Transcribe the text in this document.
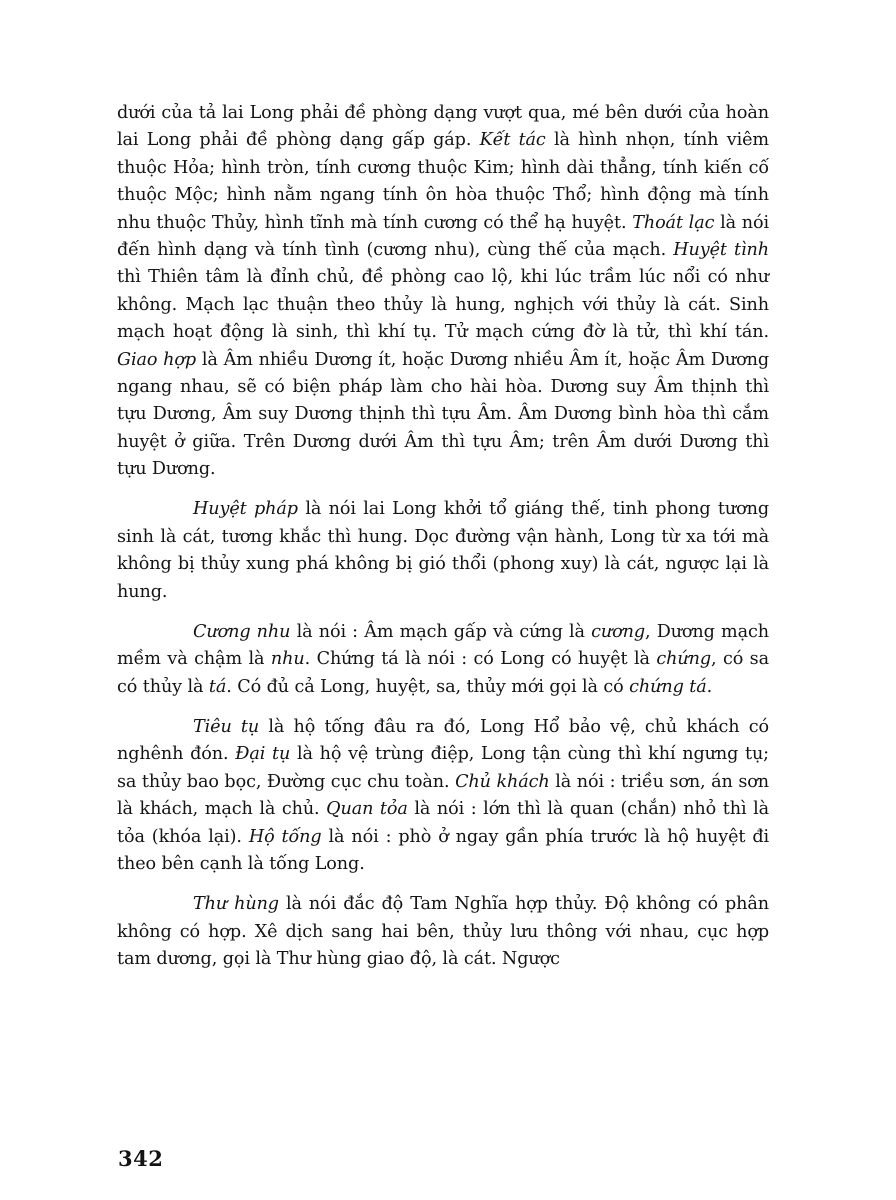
dưới của tả lai Long phải đề phòng dạng vượt qua, mé bên dưới của hoàn lai Long phải đề phòng dạng gấp gáp. Kết tác là hình nhọn, tính viêm thuộc Hỏa; hình tròn, tính cương thuộc Kim; hình dài thẳng, tính kiến cố thuộc Mộc; hình nằm ngang tính ôn hòa thuộc Thổ; hình động mà tính nhu thuộc Thủy, hình tĩnh mà tính cương có thể hạ huyệt. Thoát lạc là nói đến hình dạng và tính tình (cương nhu), cùng thế của mạch. Huyệt tình thì Thiên tâm là đỉnh chủ, đề phòng cao lộ, khi lúc trầm lúc nổi có như không. Mạch lạc thuận theo thủy là hung, nghịch với thủy là cát. Sinh mạch hoạt động là sinh, thì khí tụ. Tử mạch cứng đờ là tử, thì khí tán. Giao hợp là Âm nhiều Dương ít, hoặc Dương nhiều Âm ít, hoặc Âm Dương ngang nhau, sẽ có biện pháp làm cho hài hòa. Dương suy Âm thịnh thì tựu Dương, Âm suy Dương thịnh thì tựu Âm. Âm Dương bình hòa thì cắm huyệt ở giữa. Trên Dương dưới Âm thì tựu Âm; trên Âm dưới Dương thì tựu Dương.

Huyệt pháp là nói lai Long khởi tổ giáng thế, tinh phong tương sinh là cát, tương khắc thì hung. Dọc đường vận hành, Long từ xa tới mà không bị thủy xung phá không bị gió thổi (phong xuy) là cát, ngược lại là hung.

Cương nhu là nói : Âm mạch gấp và cứng là cương, Dương mạch mềm và chậm là nhu. Chứng tá là nói : có Long có huyệt là chứng, có sa có thủy là tá. Có đủ cả Long, huyệt, sa, thủy mới gọi là có chứng tá.

Tiêu tụ là hộ tống đâu ra đó, Long Hổ bảo vệ, chủ khách có nghênh đón. Đại tụ là hộ vệ trùng điệp, Long tận cùng thì khí ngưng tụ; sa thủy bao bọc, Đường cục chu toàn. Chủ khách là nói : triều sơn, án sơn là khách, mạch là chủ. Quan tỏa là nói : lớn thì là quan (chắn) nhỏ thì là tỏa (khóa lại). Hộ tống là nói : phò ở ngay gần phía trước là hộ huyệt đi theo bên cạnh là tống Long.

Thư hùng là nói đắc độ Tam Nghĩa hợp thủy. Độ không có phân không có hợp. Xê dịch sang hai bên, thủy lưu thông với nhau, cục hợp tam dương, gọi là Thư hùng giao độ, là cát. Ngược

342
